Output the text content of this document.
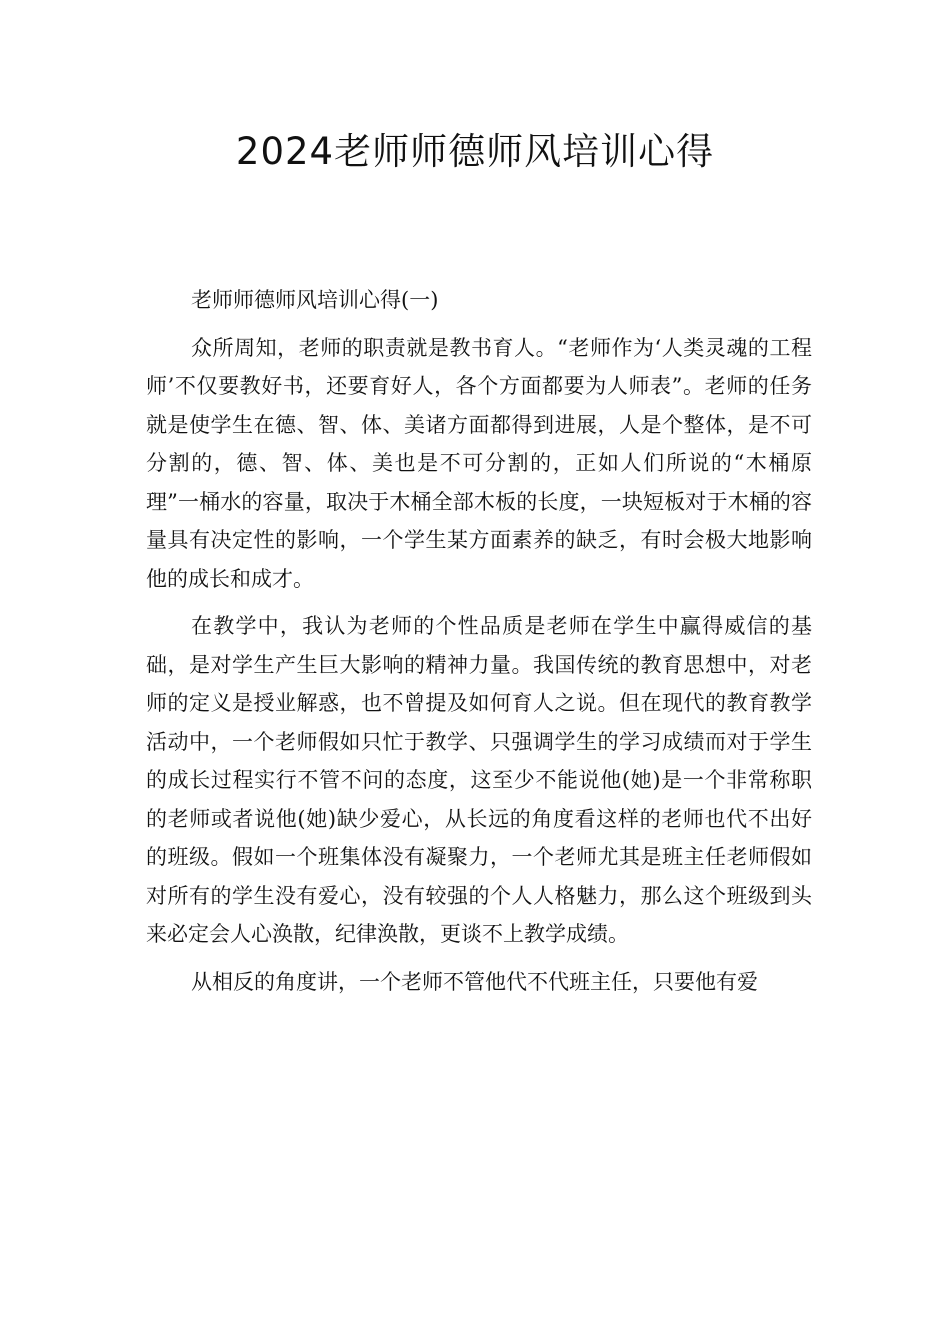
2024老师师德师风培训心得

老师师德师风培训心得(一)

众所周知，老师的职责就是教书育人。“老师作为‘人类灵魂的工程师’不仅要教好书，还要育好人，各个方面都要为人师表”。老师的任务就是使学生在德、智、体、美诸方面都得到进展，人是个整体，是不可分割的，德、智、体、美也是不可分割的，正如人们所说的“木桶原理”一桶水的容量，取决于木桶全部木板的长度，一块短板对于木桶的容量具有决定性的影响，一个学生某方面素养的缺乏，有时会极大地影响他的成长和成才。

在教学中，我认为老师的个性品质是老师在学生中赢得威信的基础，是对学生产生巨大影响的精神力量。我国传统的教育思想中，对老师的定义是授业解惑，也不曾提及如何育人之说。但在现代的教育教学活动中，一个老师假如只忙于教学、只强调学生的学习成绩而对于学生的成长过程实行不管不问的态度，这至少不能说他(她)是一个非常称职的老师或者说他(她)缺少爱心，从长远的角度看这样的老师也代不出好的班级。假如一个班集体没有凝聚力，一个老师尤其是班主任老师假如对所有的学生没有爱心，没有较强的个人人格魅力，那么这个班级到头来必定会人心涣散，纪律涣散，更谈不上教学成绩。

从相反的角度讲，一个老师不管他代不代班主任，只要他有爱
